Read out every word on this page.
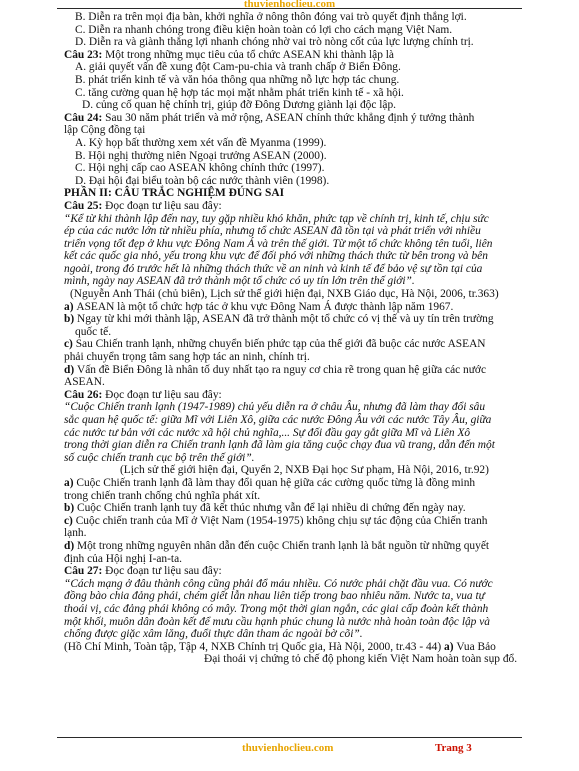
thuvienhoclieu.com
B. Diễn ra trên mọi địa bàn, khởi nghĩa ở nông thôn đóng vai trò quyết định thắng lợi.
C. Diễn ra nhanh chóng trong điều kiện hoàn toàn có lợi cho cách mạng Việt Nam.
D. Diễn ra và giành thắng lợi nhanh chóng nhờ vai trò nòng cốt của lực lượng chính trị.
Câu 23: Một trong những mục tiêu của tổ chức ASEAN khi thành lập là
A. giải quyết vấn đề xung đột Cam-pu-chia và tranh chấp ở Biển Đông.
B. phát triển kinh tế và văn hóa thông qua những nỗ lực hợp tác chung.
C. tăng cường quan hệ hợp tác mọi mặt nhằm phát triển kinh tế - xã hội.
D. củng cố quan hệ chính trị, giúp đỡ Đông Dương giành lại độc lập.
Câu 24: Sau 30 năm phát triển và mở rộng, ASEAN chính thức khẳng định ý tưởng thành
lập Cộng đồng tại
A. Kỳ họp bất thường xem xét vấn đề Myanma (1999).
B. Hội nghị thường niên Ngoại trưởng ASEAN (2000).
C. Hội nghị cấp cao ASEAN không chính thức (1997).
D. Đại hội đại biểu toàn bộ các nước thành viên (1998).
PHẦN II: CÂU TRẮC NGHIỆM ĐÚNG SAI
Câu 25: Đọc đoạn tư liệu sau đây:
“Kể từ khi thành lập đến nay, tuy gặp nhiều khó khăn, phức tạp về chính trị, kinh tế, chịu sức
ép của các nước lớn từ nhiều phía, nhưng tổ chức ASEAN đã tồn tại và phát triển với nhiều
triển vọng tốt đẹp ở khu vực Đông Nam Á và trên thế giới. Từ một tổ chức không tên tuổi, liên
kết các quốc gia nhỏ, yếu trong khu vực để đối phó với những thách thức từ bên trong và bên
ngoài, trong đó trước hết là những thách thức về an ninh và kinh tế để bảo vệ sự tồn tại của
mình, ngày nay ASEAN đã trở thành một tổ chức có uy tín lớn trên thế giới”.
(Nguyễn Anh Thái (chủ biên), Lịch sử thế giới hiện đại, NXB Giáo dục, Hà Nội, 2006, tr.363)
a) ASEAN là một tổ chức hợp tác ở khu vực Đông Nam Á được thành lập năm 1967.
b) Ngay từ khi mới thành lập, ASEAN đã trở thành một tổ chức có vị thế và uy tín trên trường
quốc tế.
c) Sau Chiến tranh lạnh, những chuyển biến phức tạp của thế giới đã buộc các nước ASEAN
phải chuyển trọng tâm sang hợp tác an ninh, chính trị.
d) Vấn đề Biển Đông là nhân tố duy nhất tạo ra nguy cơ chia rẽ trong quan hệ giữa các nước
ASEAN.
Câu 26: Đọc đoạn tư liệu sau đây:
“Cuộc Chiến tranh lạnh (1947-1989) chủ yếu diễn ra ở châu Âu, nhưng đã làm thay đổi sâu
sắc quan hệ quốc tế: giữa Mĩ với Liên Xô, giữa các nước Đông Âu với các nước Tây Âu, giữa
các nước tư bản với các nước xã hội chủ nghĩa,... Sự đối đầu gay gắt giữa Mĩ và Liên Xô
trong thời gian diễn ra Chiến tranh lạnh đã làm gia tăng cuộc chạy đua vũ trang, dẫn đến một
số cuộc chiến tranh cục bộ trên thế giới”.
(Lịch sử thế giới hiện đại, Quyển 2, NXB Đại học Sư phạm, Hà Nội, 2016, tr.92)
a) Cuộc Chiến tranh lạnh đã làm thay đổi quan hệ giữa các cường quốc từng là đồng minh
trong chiến tranh chống chủ nghĩa phát xít.
b) Cuộc Chiến tranh lạnh tuy đã kết thúc nhưng vẫn để lại nhiều di chứng đến ngày nay.
c) Cuộc chiến tranh của Mĩ ở Việt Nam (1954-1975) không chịu sự tác động của Chiến tranh
lạnh.
d) Một trong những nguyên nhân dẫn đến cuộc Chiến tranh lạnh là bắt nguồn từ những quyết
định của Hội nghị I-an-ta.
Câu 27: Đọc đoạn tư liệu sau đây:
“Cách mạng ở đâu thành công cũng phải đổ máu nhiều. Có nước phải chặt đầu vua. Có nước
đồng bào chia đảng phái, chém giết lẫn nhau liên tiếp trong bao nhiêu năm. Nước ta, vua tự
thoái vị, các đảng phái không có mây. Trong một thời gian ngắn, các giai cấp đoàn kết thành
một khối, muôn dân đoàn kết để mưu cầu hạnh phúc chung là nước nhà hoàn toàn độc lập và
chống được giặc xâm lăng, đuổi thực dân tham ác ngoài bờ cõi”.
(Hồ Chí Minh, Toàn tập, Tập 4, NXB Chính trị Quốc gia, Hà Nội, 2000, tr.43 - 44) a) Vua Bảo
Đại thoái vị chứng tỏ chế độ phong kiến Việt Nam hoàn toàn sụp đổ.
thuvienhoclieu.com	Trang 3
